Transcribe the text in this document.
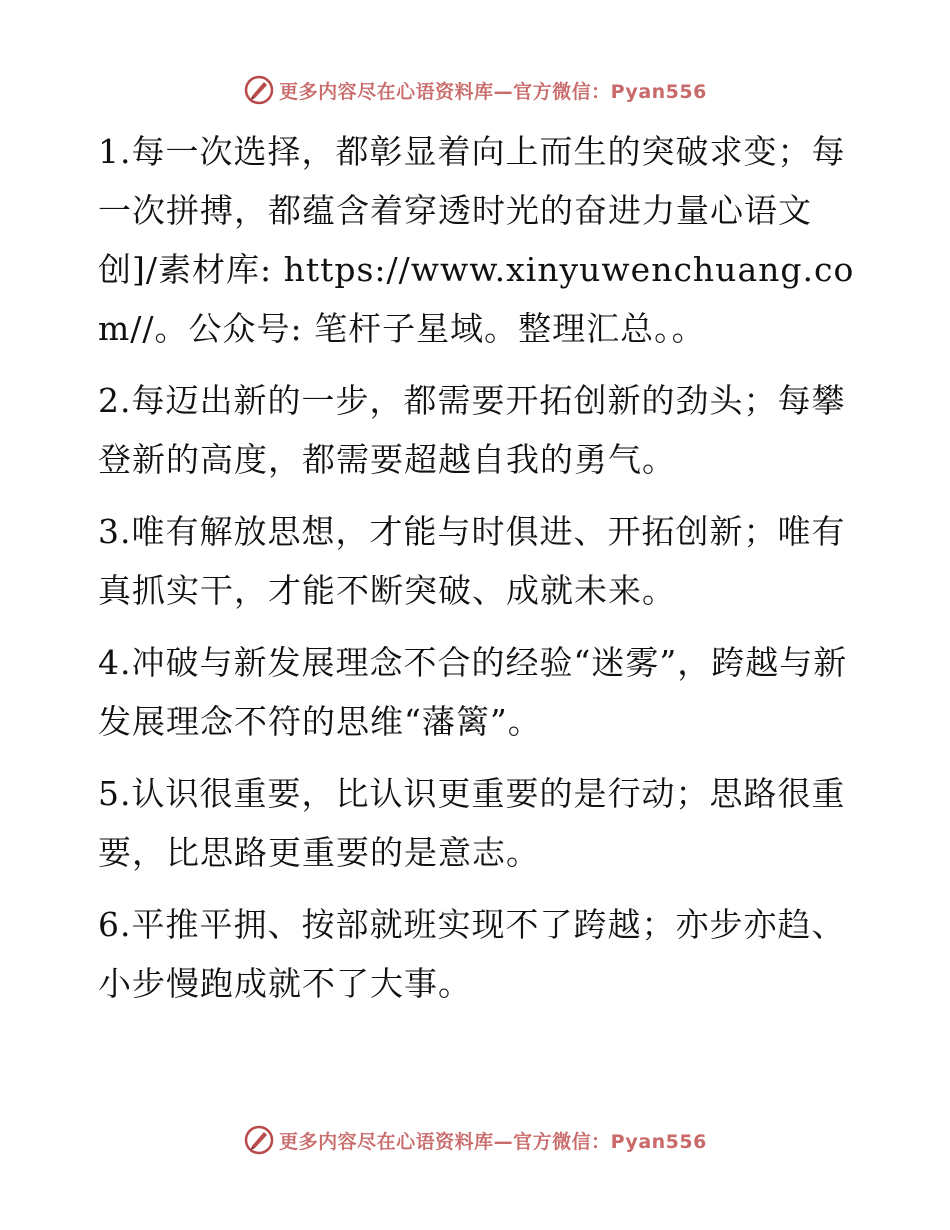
更多内容尽在心语资料库—官方微信：Pyan556

1.每一次选择，都彰显着向上而生的突破求变；每一次拼搏，都蕴含着穿透时光的奋进力量心语文创]/素材库: https://www.xinyuwenchuang.com//。公众号: 笔杆子星域。整理汇总。。

2.每迈出新的一步，都需要开拓创新的劲头；每攀登新的高度，都需要超越自我的勇气。

3.唯有解放思想，才能与时俱进、开拓创新；唯有真抓实干，才能不断突破、成就未来。

4.冲破与新发展理念不合的经验“迷雾”，跨越与新发展理念不符的思维“藩篱”。

5.认识很重要，比认识更重要的是行动；思路很重要，比思路更重要的是意志。

6.平推平拥、按部就班实现不了跨越；亦步亦趋、小步慢跑成就不了大事。

更多内容尽在心语资料库—官方微信：Pyan556
